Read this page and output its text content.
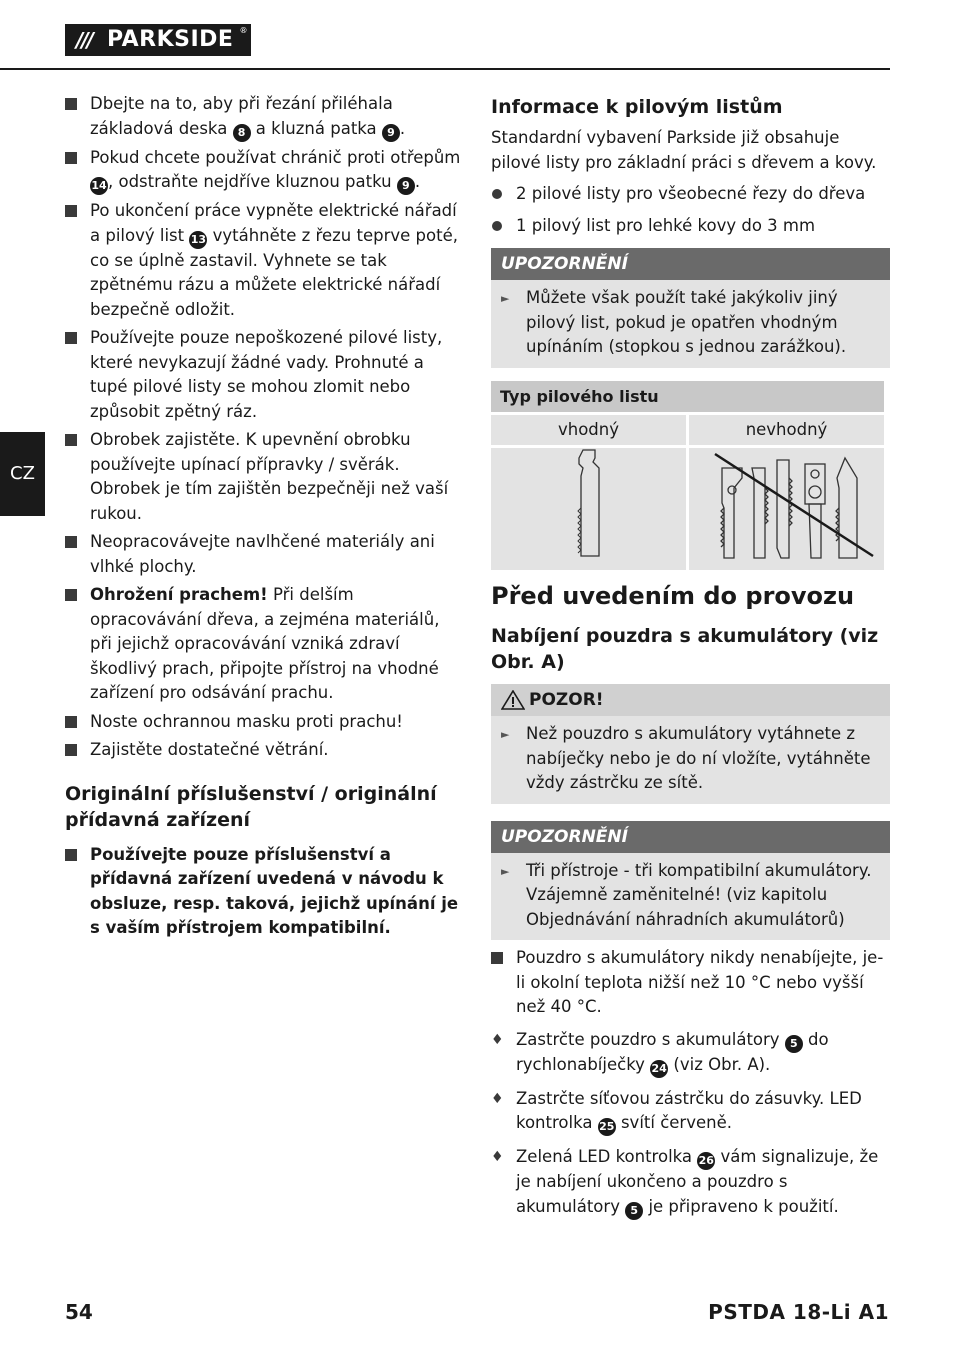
/// PARKSIDE ®
CZ
Dbejte na to, aby při řezání přiléhala základová deska 8 a kluzná patka 9 .
Pokud chcete používat chránič proti otřepům 14, odstraňte nejdříve kluznou patku 9 .
Po ukončení práce vypněte elektrické nářadí a pilový list 13 vytáhněte z řezu teprve poté, co se úplně zastavil. Vyhnete se tak zpětnému rázu a můžete elektrické nářadí bezpečně odložit.
Používejte pouze nepoškozené pilové listy, které nevykazují žádné vady. Prohnuté a tupé pilové listy se mohou zlomit nebo způsobit zpětný ráz.
Obrobek zajistěte. K upevnění obrobku používejte upínací přípravky / svěrák. Obrobek je tím zajištěn bezpečněji než vaší rukou.
Neopracovávejte navlhčené materiály ani vlhké plochy.
Ohrožení prachem! Při delším opracovávání dřeva, a zejména materiálů, při jejichž opracovávání vzniká zdraví škodlivý prach, připojte přístroj na vhodné zařízení pro odsávání prachu.
Noste ochrannou masku proti prachu!
Zajistěte dostatečné větrání.

Originální příslušenství / originální přídavná zařízení

Používejte pouze příslušenství a přídavná zařízení uvedená v návodu k obsluze, resp. taková, jejichž upínání je s vaším přístrojem kompatibilní.

Informace k pilovým listům

Standardní vybavení Parkside již obsahuje pilové listy pro základní práci s dřevem a kovy.
2 pilové listy pro všeobecné řezy do dřeva
1 pilový list pro lehké kovy do 3 mm
UPOZORNĚNÍ
► Můžete však použít také jakýkoliv jiný pilový list, pokud je opatřen vhodným upínáním (stopkou s jednou zarážkou).
Typ pilového listu	
vhodný	nevhodný

Před uvedením do provozu

Nabíjení pouzdra s akumulátory (viz Obr. A)

POZOR!
► Než pouzdro s akumulátory vytáhnete z nabíječky nebo je do ní vložíte, vytáhněte vždy zástrčku ze sítě.
UPOZORNĚNÍ
► Tři přístroje - tři kompatibilní akumulátory. Vzájemně zaměnitelné! (viz kapitolu Objednávání náhradních akumulátorů)
Pouzdro s akumulátory nikdy nenabíjejte, je-li okolní teplota nižší než 10 °C nebo vyšší než 40 °C.
♦ Zastrčte pouzdro s akumulátory 5 do rychlonabíječky 24 (viz Obr. A).
♦ Zastrčte síťovou zástrčku do zásuvky. LED kontrolka 25 svítí červeně.
♦ Zelená LED kontrolka 26 vám signalizuje, že je nabíjení ukončeno a pouzdro s akumulátory 5 je připraveno k použití.
54	PSTDA 18-Li A1
